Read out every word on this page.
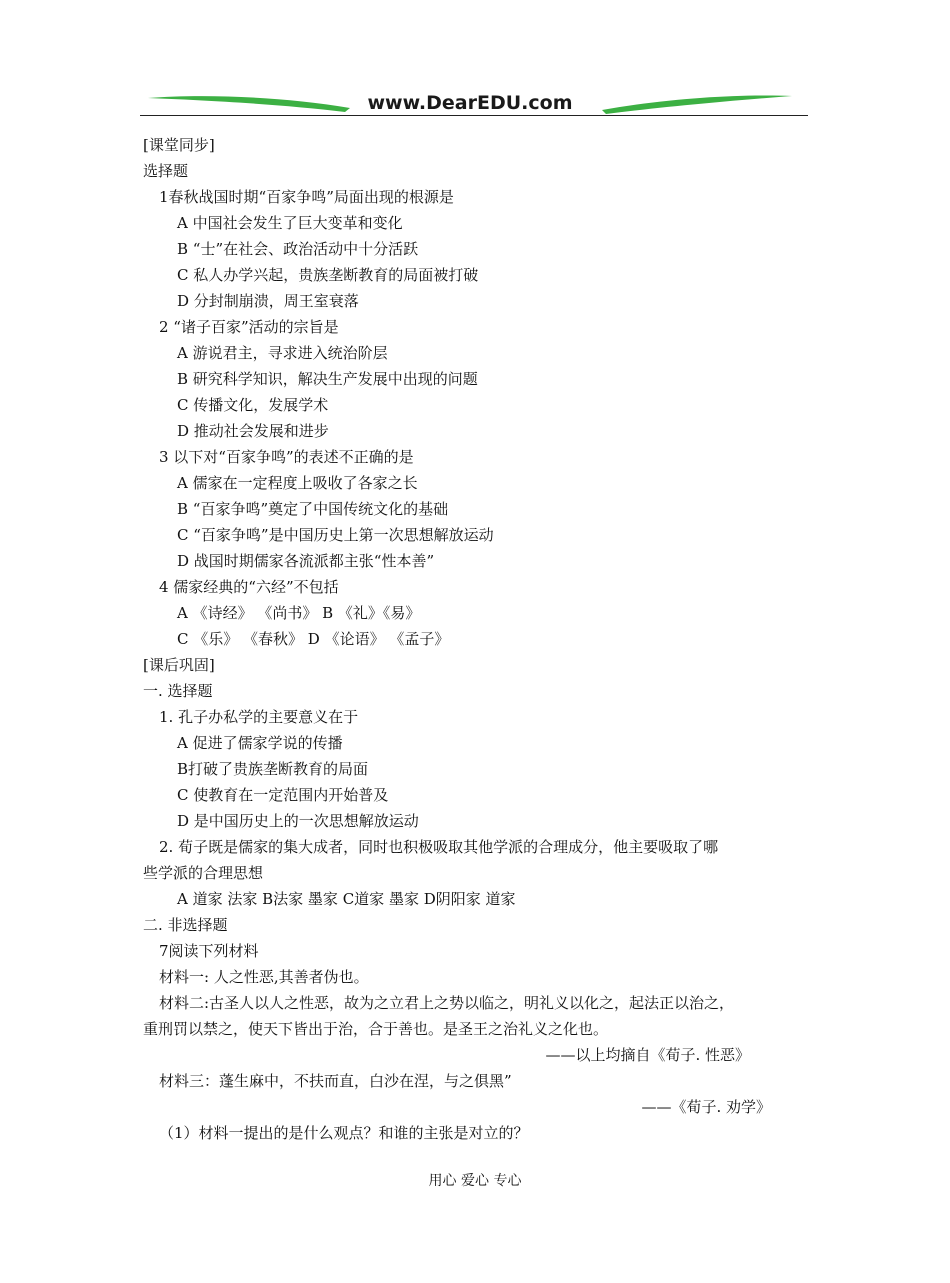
www.DearEDU.com
[课堂同步]
选择题
1春秋战国时期“百家争鸣”局面出现的根源是
A 中国社会发生了巨大变革和变化
B “士”在社会、政治活动中十分活跃
C 私人办学兴起，贵族垄断教育的局面被打破
D 分封制崩溃，周王室衰落
2 “诸子百家”活动的宗旨是
A 游说君主，寻求进入统治阶层
B 研究科学知识，解决生产发展中出现的问题
C 传播文化，发展学术
D 推动社会发展和进步
3 以下对“百家争鸣”的表述不正确的是
A 儒家在一定程度上吸收了各家之长
B “百家争鸣”奠定了中国传统文化的基础
C “百家争鸣”是中国历史上第一次思想解放运动
D 战国时期儒家各流派都主张“性本善”
4 儒家经典的“六经”不包括
A 《诗经》 《尚书》 B 《礼》《易》
C 《乐》 《春秋》 D 《论语》 《孟子》
[课后巩固]
一. 选择题
1. 孔子办私学的主要意义在于
A 促进了儒家学说的传播
B打破了贵族垄断教育的局面
C 使教育在一定范围内开始普及
D 是中国历史上的一次思想解放运动
2. 荀子既是儒家的集大成者，同时也积极吸取其他学派的合理成分，他主要吸取了哪
些学派的合理思想
A 道家 法家 B法家 墨家 C道家 墨家 D阴阳家 道家
二. 非选择题
7阅读下列材料
材料一: 人之性恶,其善者伪也。
材料二:古圣人以人之性恶，故为之立君上之势以临之，明礼义以化之，起法正以治之，
重刑罚以禁之，使天下皆出于治，合于善也。是圣王之治礼义之化也。
——以上均摘自《荀子. 性恶》
材料三：蓬生麻中，不扶而直，白沙在涅，与之俱黑”
——《荀子. 劝学》
（1）材料一提出的是什么观点？和谁的主张是对立的？
用心 爱心 专心
